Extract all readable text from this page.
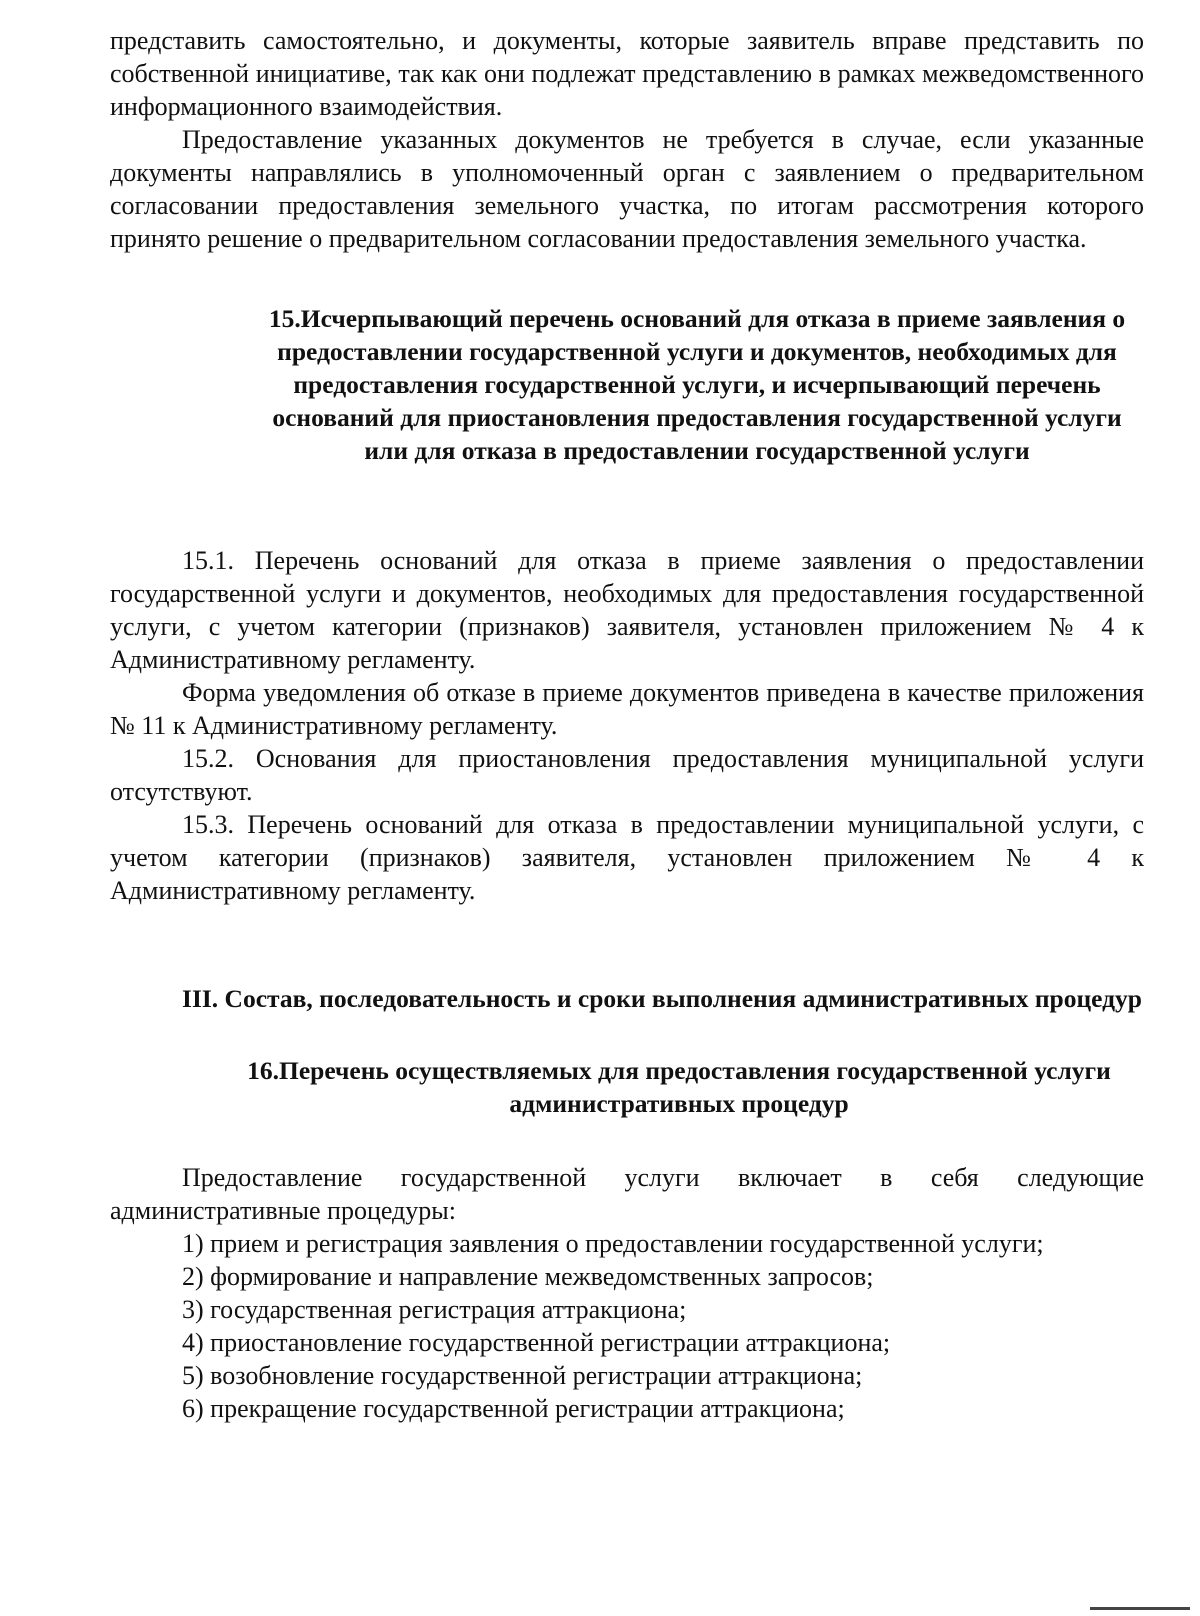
представить самостоятельно, и документы, которые заявитель вправе представить по собственной инициативе, так как они подлежат представлению в рамках межведомственного информационного взаимодействия.

Предоставление указанных документов не требуется в случае, если указанные документы направлялись в уполномоченный орган с заявлением о предварительном согласовании предоставления земельного участка, по итогам рассмотрения которого принято решение о предварительном согласовании предоставления земельного участка.

15.Исчерпывающий перечень оснований для отказа в приеме заявления о предоставлении государственной услуги и документов, необходимых для предоставления государственной услуги, и исчерпывающий перечень оснований для приостановления предоставления государственной услуги или для отказа в предоставлении государственной услуги

15.1. Перечень оснований для отказа в приеме заявления о предоставлении государственной услуги и документов, необходимых для предоставления государственной услуги, с учетом категории (признаков) заявителя, установлен приложением № 4 к Административному регламенту.

Форма уведомления об отказе в приеме документов приведена в качестве приложения № 11 к Административному регламенту.

15.2. Основания для приостановления предоставления муниципальной услуги отсутствуют.

15.3. Перечень оснований для отказа в предоставлении муниципальной услуги, с учетом категории (признаков) заявителя, установлен приложением № 4 к Административному регламенту.

III. Состав, последовательность и сроки выполнения административных процедур
16.Перечень осуществляемых для предоставления государственной услуги административных процедур

Предоставление государственной услуги включает в себя следующие административные процедуры:

1) прием и регистрация заявления о предоставлении государственной услуги;

2) формирование и направление межведомственных запросов;

3) государственная регистрация аттракциона;

4) приостановление государственной регистрации аттракциона;

5) возобновление государственной регистрации аттракциона;

6) прекращение государственной регистрации аттракциона;
